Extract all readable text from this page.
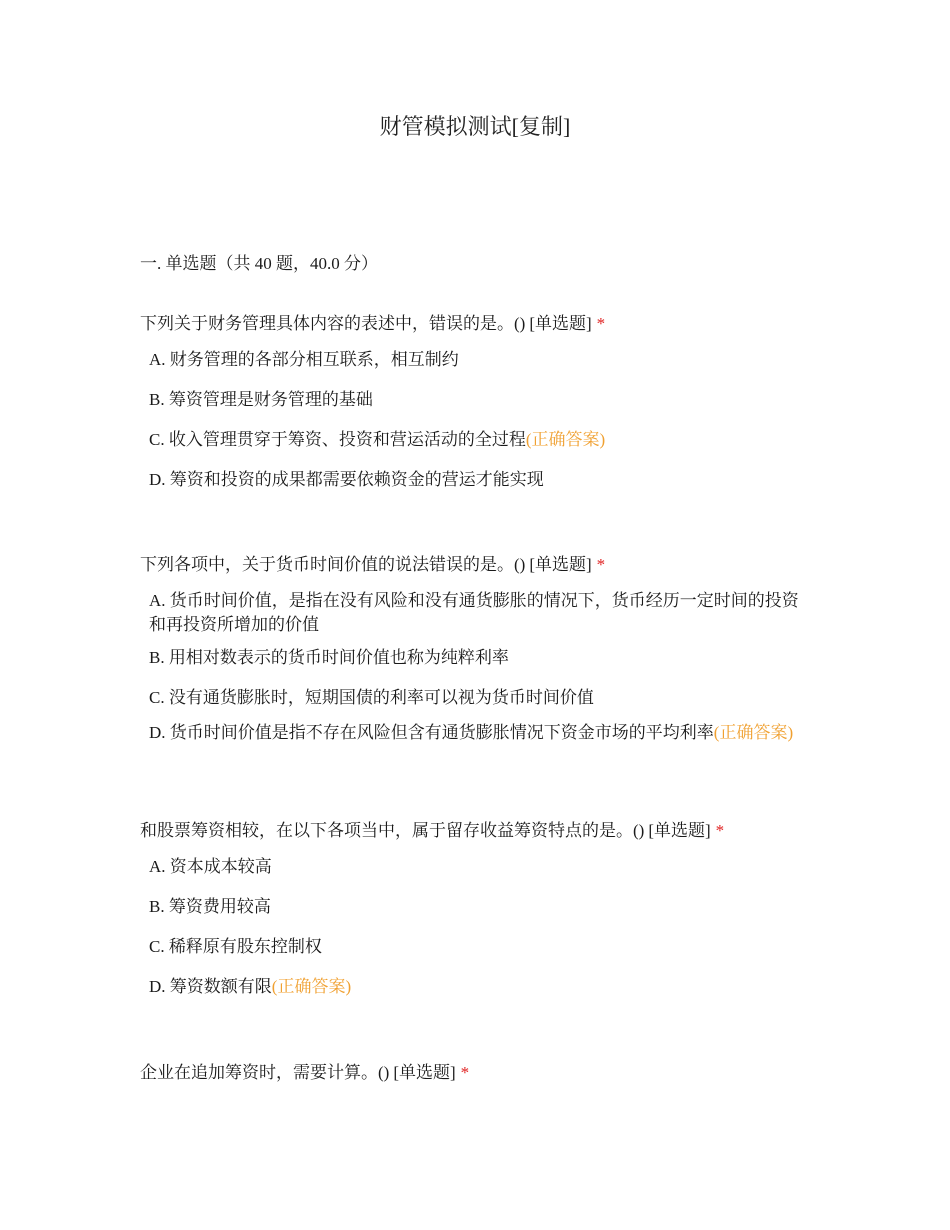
财管模拟测试[复制]
一. 单选题（共 40 题，40.0 分）
下列关于财务管理具体内容的表述中，错误的是。() [单选题] *
A. 财务管理的各部分相互联系，相互制约
B. 筹资管理是财务管理的基础
C. 收入管理贯穿于筹资、投资和营运活动的全过程(正确答案)
D. 筹资和投资的成果都需要依赖资金的营运才能实现
下列各项中，关于货币时间价值的说法错误的是。() [单选题] *
A. 货币时间价值，是指在没有风险和没有通货膨胀的情况下，货币经历一定时间的投资和再投资所增加的价值
B. 用相对数表示的货币时间价值也称为纯粹利率
C. 没有通货膨胀时，短期国债的利率可以视为货币时间价值
D. 货币时间价值是指不存在风险但含有通货膨胀情况下资金市场的平均利率(正确答案)
和股票筹资相较，在以下各项当中，属于留存收益筹资特点的是。() [单选题] *
A. 资本成本较高
B. 筹资费用较高
C. 稀释原有股东控制权
D. 筹资数额有限(正确答案)
企业在追加筹资时，需要计算。() [单选题] *
